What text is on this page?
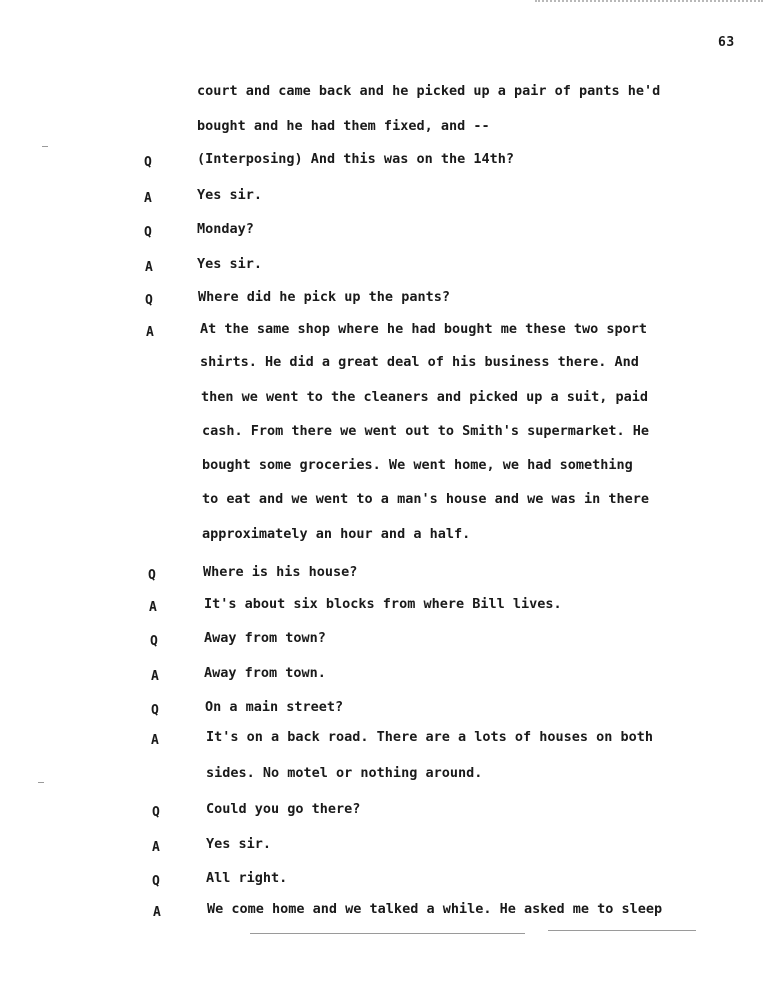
63
court and came back and he picked up a pair of pants he'd
bought and he had them fixed, and --
Q	(Interposing) And this was on the 14th?
A	Yes sir.
Q	Monday?
A	Yes sir.
Q	Where did he pick up the pants?
A	At the same shop where he had bought me these two sport
shirts. He did a great deal of his business there. And
then we went to the cleaners and picked up a suit, paid
cash. From there we went out to Smith's supermarket. He
bought some groceries. We went home, we had something
to eat and we went to a man's house and we was in there
approximately an hour and a half.
Q	Where is his house?
A	It's about six blocks from where Bill lives.
Q	Away from town?
A	Away from town.
Q	On a main street?
A	It's on a back road. There are a lots of houses on both
sides. No motel or nothing around.
Q	Could you go there?
A	Yes sir.
Q	All right.
A	We come home and we talked a while. He asked me to sleep
